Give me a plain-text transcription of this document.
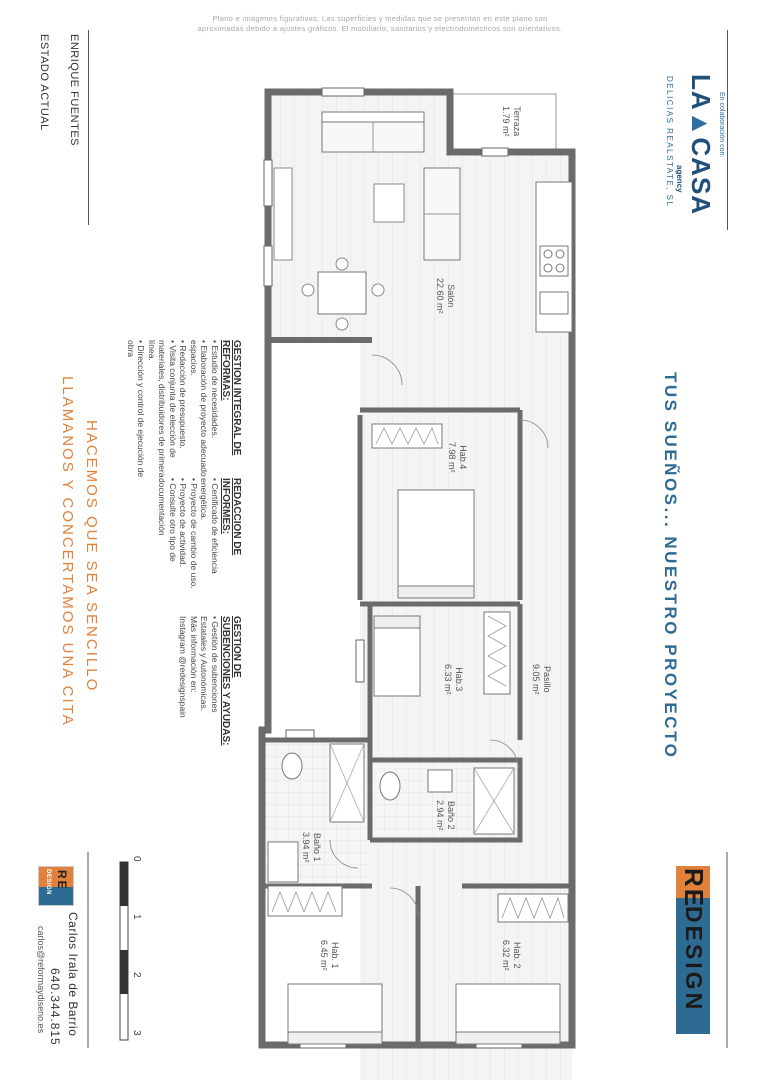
Plano e imágenes figurativas. Las superficies y medidas que se presentan en este plano son
aproximadas debido a ajustes gráficos. El mobiliario, sanitarios y electrodomésticos son orientativos.
ENRIQUE FUENTES
ESTADO ACTUAL	En colaboración con:
LA▲CASA
agency
DELICIAS REALSTATE, SL
TUS SUEÑOS... NUESTRO PROYECTO
GESTION INTEGRAL DE REFORMAS:
• Estudio de necesidades.
• Elaboración de proyecto adecuado espacios.
• Redacción de presupuesto.
• Visita conjunta de elección de materiales, distribuidores de primera línea.
• Dirección y control de ejecución de obra
REDACCION DE INFORMES:
• Certificado de eficiencia energética.
• Proyecto de cambio de uso.
• Proyecto de actividad.
• Consulte otro tipo de documentación
GESTION DE SUBENCIONES Y AYUDAS:
• Gestión de subenciones Estatales y Autonómicas.
Más información en:
Instagram @redesignspain
HACEMOS QUE SEA SENCILLO
LLAMANOS Y CONCERTAMOS UNA CITA
Terraza
1.79 m²
Salón
22.60 m²
Hab.4
7.98 m²
Hab.3
6.33 m²	Pasillo
9.05 m²
Baño 2
2.94 m²
Baño 1
3.94 m²
Hab. 1
6.45 m²	Hab. 2
6.32 m²
0
1
2
3
Carlos Irala de Barrio
640.344.815
carlos@reformaydiseno.es
RE
DESIGN	RE
DESIGN
